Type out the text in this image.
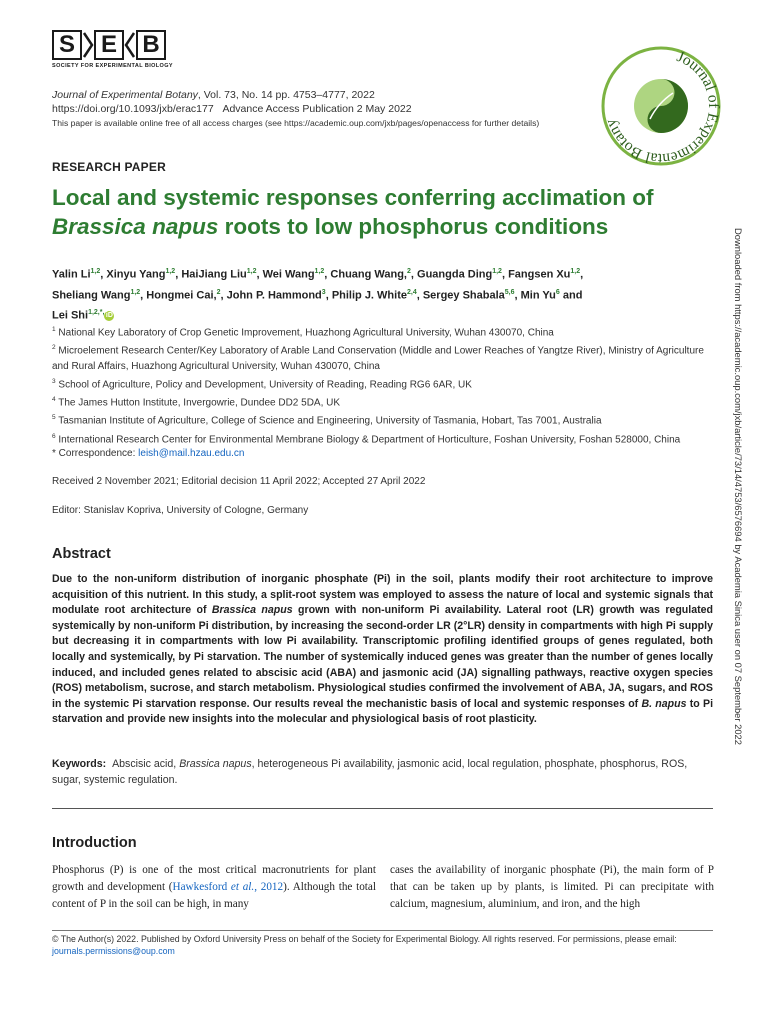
S E B
SOCIETY FOR EXPERIMENTAL BIOLOGY
Journal of Experimental Botany, Vol. 73, No. 14 pp. 4753–4777, 2022
https://doi.org/10.1093/jxb/erac177 Advance Access Publication 2 May 2022
This paper is available online free of all access charges (see https://academic.oup.com/jxb/pages/openaccess for further details)
Journal of Experimental Botany
RESEARCH PAPER
Local and systemic responses conferring acclimation of
Brassica napus roots to low phosphorus conditions
Yalin Li$^{1,2}$, Xinyu Yang$^{1,2}$, HaiJiang Liu$^{1,2}$, Wei Wang$^{1,2}$, Chuang Wang,$^2$, Guangda Ding$^{1,2}$, Fangsen Xu$^{1,2}$,
Sheliang Wang$^{1,2}$, Hongmei Cai,$^2$, John P. Hammond$^3$, Philip J. White$^{2,4}$, Sergey Shabala$^{5,6}$, Min Yu$^6$ and
Lei Shi$^{1,2,*,}$ iD
$^1$ National Key Laboratory of Crop Genetic Improvement, Huazhong Agricultural University, Wuhan 430070, China
$^2$ Microelement Research Center/Key Laboratory of Arable Land Conservation (Middle and Lower Reaches of Yangtze River), Ministry of Agriculture and Rural Affairs, Huazhong Agricultural University, Wuhan 430070, China
$^3$ School of Agriculture, Policy and Development, University of Reading, Reading RG6 6AR, UK
$^4$ The James Hutton Institute, Invergowrie, Dundee DD2 5DA, UK
$^5$ Tasmanian Institute of Agriculture, College of Science and Engineering, University of Tasmania, Hobart, Tas 7001, Australia
$^6$ International Research Center for Environmental Membrane Biology & Department of Horticulture, Foshan University, Foshan 528000, China
* Correspondence: leish@mail.hzau.edu.cn
Received 2 November 2021; Editorial decision 11 April 2022; Accepted 27 April 2022
Editor: Stanislav Kopriva, University of Cologne, Germany
Abstract
Due to the non-uniform distribution of inorganic phosphate (Pi) in the soil, plants modify their root architecture to improve acquisition of this nutrient. In this study, a split-root system was employed to assess the nature of local and systemic signals that modulate root architecture of Brassica napus grown with non-uniform Pi availability. Lateral root (LR) growth was regulated systemically by non-uniform Pi distribution, by increasing the second-order LR (2°LR) density in compartments with high Pi supply but decreasing it in compartments with low Pi availability. Transcriptomic profiling identified groups of genes regulated, both locally and systemically, by Pi starvation. The number of systemically induced genes was greater than the number of genes locally induced, and included genes related to abscisic acid (ABA) and jasmonic acid (JA) signalling pathways, reactive oxygen species (ROS) metabolism, sucrose, and starch metabolism. Physiological studies confirmed the involvement of ABA, JA, sugars, and ROS in the systemic Pi starvation response. Our results reveal the mechanistic basis of local and systemic responses of B. napus to Pi starvation and provide new insights into the molecular and physiological basis of root plasticity.
Keywords: Abscisic acid, Brassica napus, heterogeneous Pi availability, jasmonic acid, local regulation, phosphate, phosphorus, ROS, sugar, systemic regulation.
Introduction
Phosphorus (P) is one of the most critical macronutrients for plant growth and development (Hawkesford et al., 2012). Although the total content of P in the soil can be high, in many
cases the availability of inorganic phosphate (Pi), the main form of P that can be taken up by plants, is limited. Pi can precipitate with calcium, magnesium, aluminium, and iron, and the high
© The Author(s) 2022. Published by Oxford University Press on behalf of the Society for Experimental Biology. All rights reserved. For permissions, please email:
journals.permissions@oup.com
Downloaded from https://academic.oup.com/jxb/article/73/14/4753/6576694 by Academia Sinica user on 07 September 2022
